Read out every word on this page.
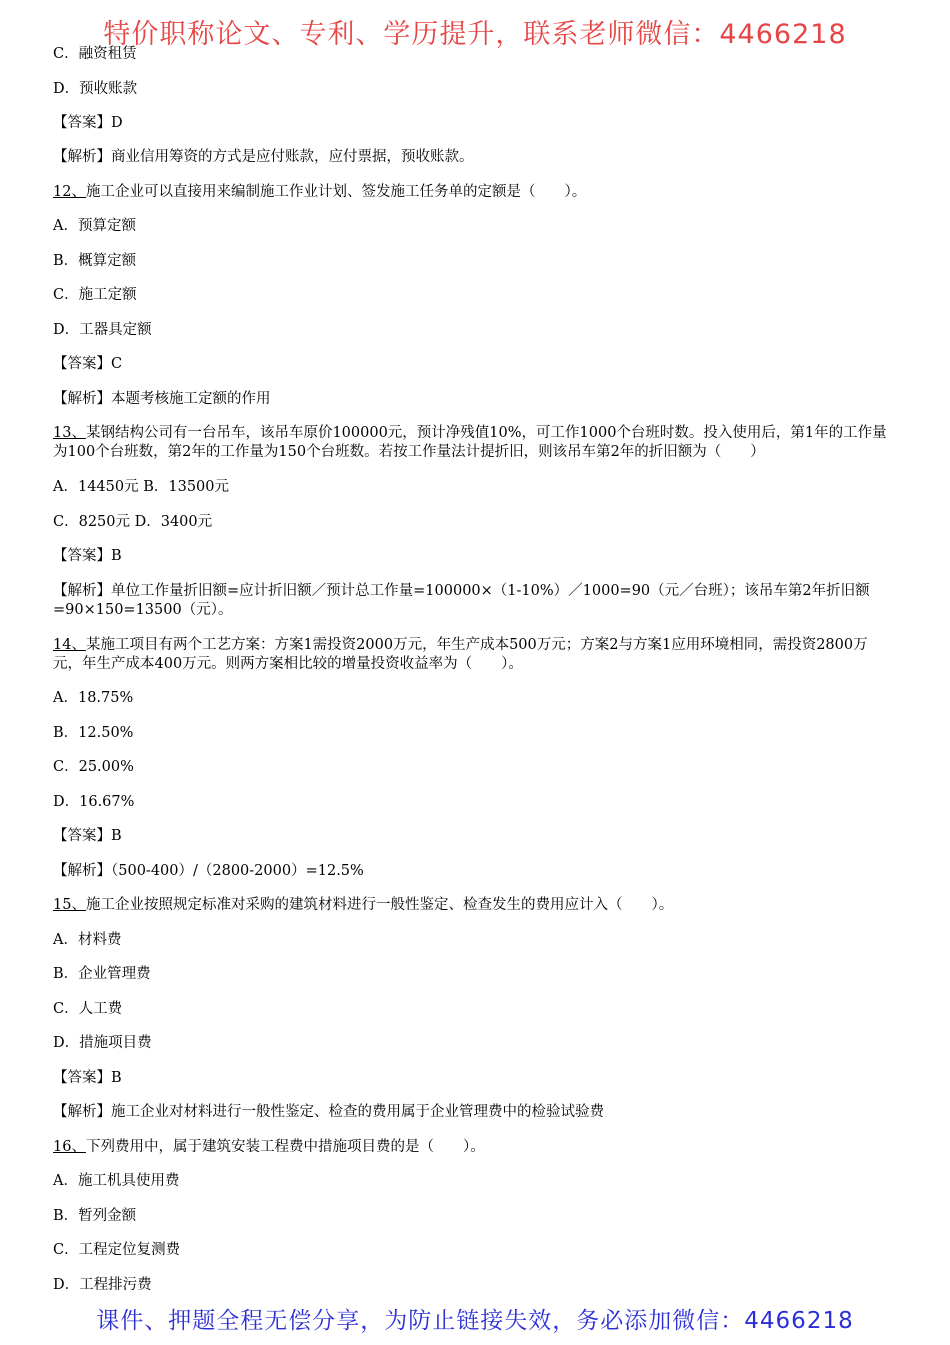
特价职称论文、专利、学历提升，联系老师微信：4466218
C．融资租赁
D．预收账款
【答案】D
【解析】商业信用筹资的方式是应付账款，应付票据，预收账款。
12、施工企业可以直接用来编制施工作业计划、签发施工任务单的定额是（　　）。
A．预算定额
B．概算定额
C．施工定额
D．工器具定额
【答案】C
【解析】本题考核施工定额的作用
13、某钢结构公司有一台吊车，该吊车原价100000元，预计净残值10%，可工作1000个台班时数。投入使用后，第1年的工作量为100个台班数，第2年的工作量为150个台班数。若按工作量法计提折旧，则该吊车第2年的折旧额为（　　）
A．14450元 B．13500元
C．8250元 D．3400元
【答案】B
【解析】单位工作量折旧额=应计折旧额／预计总工作量=100000×（1-10%）／1000=90（元／台班）；该吊车第2年折旧额=90×150=13500（元）。
14、某施工项目有两个工艺方案：方案1需投资2000万元，年生产成本500万元；方案2与方案1应用环境相同，需投资2800万元，年生产成本400万元。则两方案相比较的增量投资收益率为（　　）。
A．18.75%
B．12.50%
C．25.00%
D．16.67%
【答案】B
【解析】（500-400）/（2800-2000）=12.5%
15、施工企业按照规定标准对采购的建筑材料进行一般性鉴定、检查发生的费用应计入（　　）。
A．材料费
B．企业管理费
C．人工费
D．措施项目费
【答案】B
【解析】施工企业对材料进行一般性鉴定、检查的费用属于企业管理费中的检验试验费
16、下列费用中，属于建筑安装工程费中措施项目费的是（　　）。
A．施工机具使用费
B．暂列金额
C．工程定位复测费
D．工程排污费
课件、押题全程无偿分享，为防止链接失效，务必添加微信：4466218
